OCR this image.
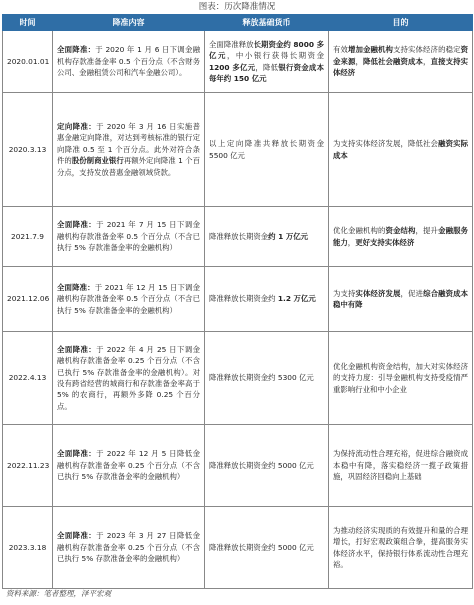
图表：历次降准情况
时间	降准内容	释放基础货币	目的
2020.01.01	全面降准：于 2020 年 1 月 6 日下调金融机构存款准备金率 0.5 个百分点（不含财务公司、金融租赁公司和汽车金融公司）。	全面降准释放长期资金约 8000 多亿元，中小银行获得长期资金 1200 多亿元，降低银行资金成本每年约 150 亿元	有效增加金融机构支持实体经济的稳定资金来源，降低社会融资成本，直接支持实体经济
2020.3.13	定向降准：于 2020 年 3 月 16 日实施普惠金融定向降准，对达到考核标准的银行定向降准 0.5 至 1 个百分点。此外对符合条件的股份制商业银行再额外定向降准 1 个百分点，支持发放普惠金融领域贷款。	以上定向降准共释放长期资金 5500 亿元	为支持实体经济发展，降低社会融资实际成本
2021.7.9	全面降准：于 2021 年 7 月 15 日下调金融机构存款准备金率 0.5 个百分点（不含已执行 5% 存款准备金率的金融机构）	降准释放长期资金约 1 万亿元	优化金融机构的资金结构，提升金融服务能力，更好支持实体经济
2021.12.06	全面降准：于 2021 年 12 月 15 日下调金融机构存款准备金率 0.5 个百分点（不含已执行 5% 存款准备金率的金融机构）	降准释放长期资金约 1.2 万亿元	为支持实体经济发展，促进综合融资成本稳中有降
2022.4.13	全面降准：于 2022 年 4 月 25 日下调金融机构存款准备金率 0.25 个百分点（不含已执行 5% 存款准备金率的金融机构）。对没有跨省经营的城商行和存款准备金率高于 5% 的农商行，再额外多降 0.25 个百分点。	降准释放长期资金约 5300 亿元	优化金融机构资金结构，加大对实体经济的支持力度：引导金融机构支持受疫情严重影响行业和中小企业
2022.11.23	全面降准：于 2022 年 12 月 5 日降低金融机构存款准备金率 0.25 个百分点（不含已执行 5% 存款准备金率的金融机构）	降准释放长期资金约 5000 亿元	为保持流动性合理充裕，促进综合融资成本稳中有降，落实稳经济一揽子政策措施，巩固经济回稳向上基础
2023.3.18	全面降准：于 2023 年 3 月 27 日降低金融机构存款准备金率 0.25 个百分点（不含已执行 5% 存款准备金率的金融机构）	降准释放长期资金约 5000 亿元	为推动经济实现质的有效提升和量的合理增长，打好宏观政策组合拳，提高服务实体经济水平，保持银行体系流动性合理充裕。
资料来源：笔者整理，泽平宏观
